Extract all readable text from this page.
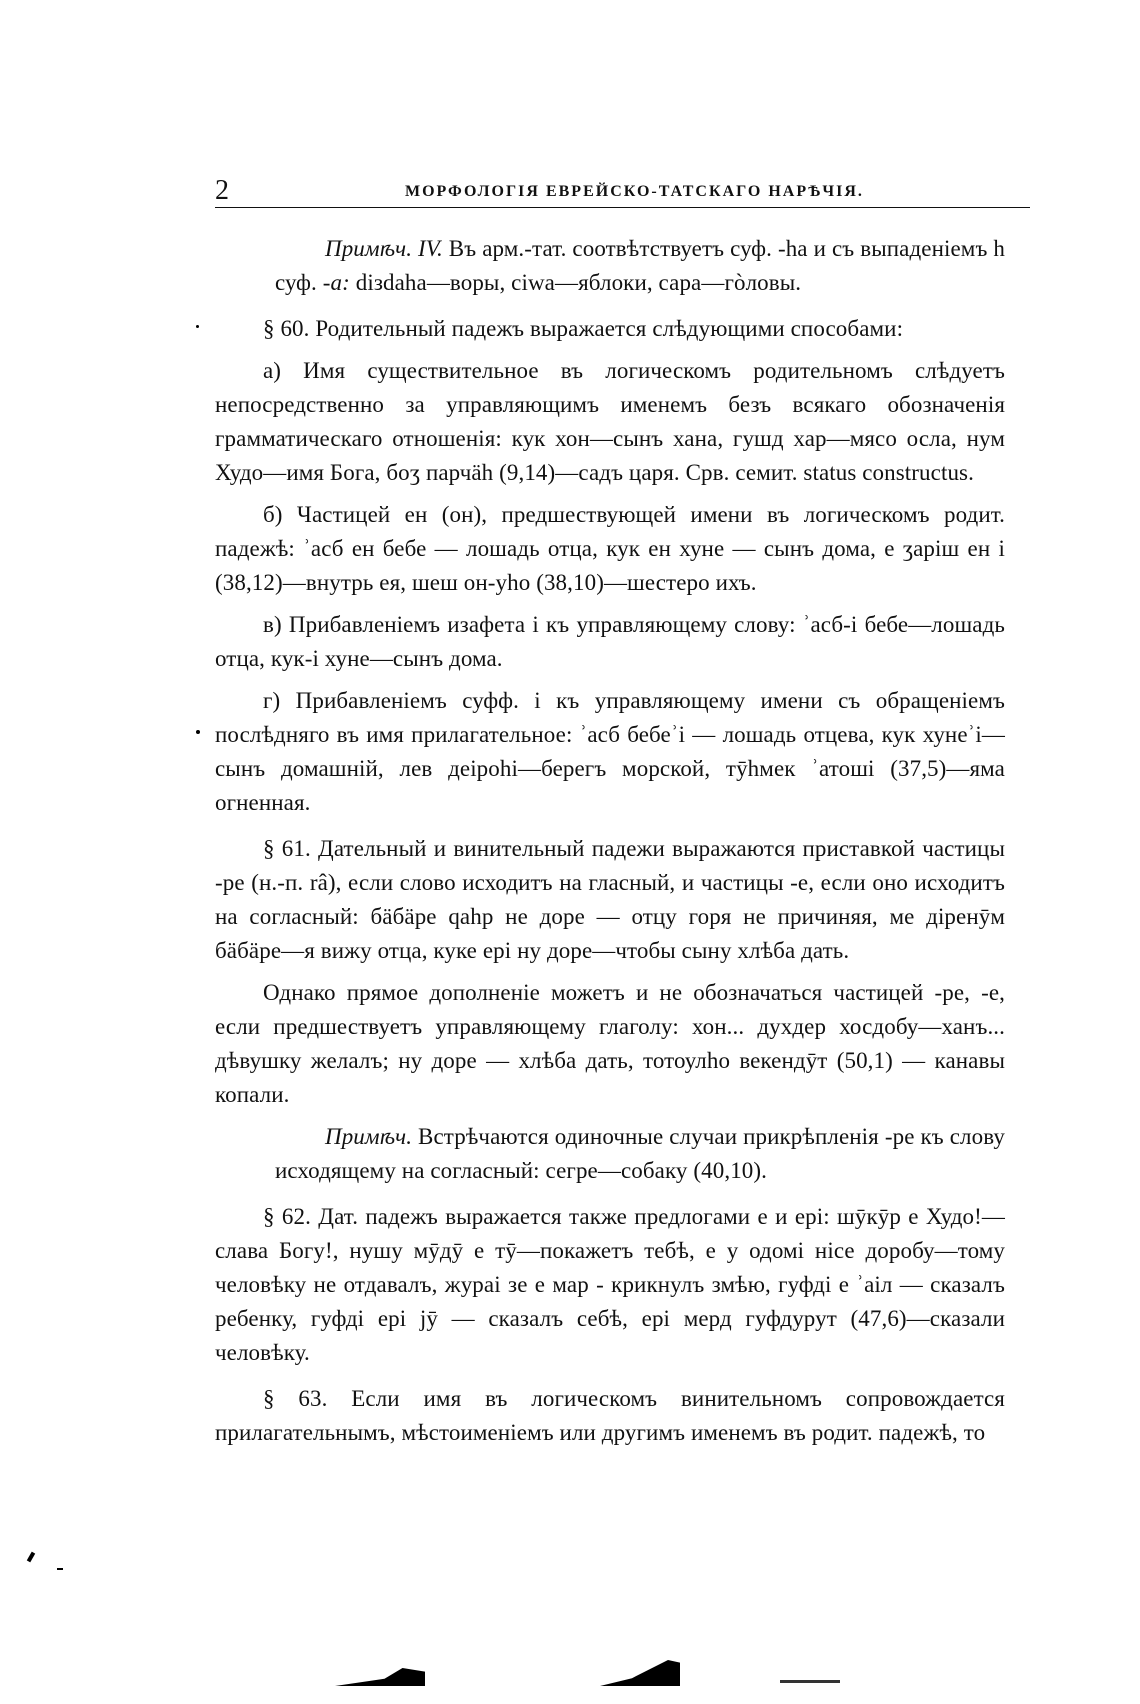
2	МОРФОЛОГІЯ ЕВРЕЙСКО-ТАТСКАГО НАРѢЧІЯ.

Примѣч. IV. Въ арм.-тат. соотвѣтствуетъ суф. -ha и съ выпаденіемъ h суф. -a: dізdahа—воры, сіwа—яблоки, сара—гòловы.

§ 60. Родительный падежъ выражается слѣдующими способами:

а) Имя существительное въ логическомъ родительномъ слѣдуетъ непосредственно за управляющимъ именемъ безъ всякаго обозначенія грамматическаго отношенія: кук хон—сынъ хана, гушд хар—мясо осла, нум Худо—имя Бога, боʒ парчäh (9,14)—садъ царя. Срв. семит. status constructus.

б) Частицей ен (он), предшествующей имени въ логическомъ родит. падежѣ: ʾасб ен бебе — лошадь отца, кук ен хуне — сынъ дома, е ʒаріш ен і (38,12)—внутрь ея, шеш он-уho (38,10)—шестеро ихъ.

в) Прибавленіемъ изафета і къ управляющему слову: ʾасб-і бебе—лошадь отца, кук-і хуне—сынъ дома.

г) Прибавленіемъ суфф. і къ управляющему имени съ обращеніемъ послѣдняго въ имя прилагательное: ʾасб бебеʾі — лошадь отцева, кук хунеʾі—сынъ домашній, лев деіроhі—берегъ морской, тӯhмек ʾатошi (37,5)—яма огненная.

§ 61. Дательный и винительный падежи выражаются приставкой частицы -ре (н.-п. râ), если слово исходитъ на гласный, и частицы -е, если оно исходитъ на согласный: бäбäре qahр не доре — отцу горя не причиняя, ме діренӯм бäбäре—я вижу отца, куке ері ну доре—чтобы сыну хлѣба дать.

Однако прямое дополненіе можетъ и не обозначаться частицей -ре, -е, если предшествуетъ управляющему глаголу: хон... духдер хосдобу—ханъ... дѣвушку желалъ; ну доре — хлѣба дать, тотоулhо векендӯт (50,1) — канавы копали.

Примѣч. Встрѣчаются одиночные случаи прикрѣпленія -ре къ слову исходящему на согласный: сегре—собаку (40,10).

§ 62. Дат. падежъ выражается также предлогами е и ері: шӯкӯр е Худо!—слава Богу!, нушу мӯдӯ е тӯ—покажетъ тебѣ, е у одомі нісе доробу—тому человѣку не отдавалъ, жураі зе е мар - крикнулъ змѣю, гуфді е ʾаіл — сказалъ ребенку, гуфді ері jӯ — сказалъ себѣ, ері мерд гуфдурут (47,6)—сказали человѣку.

§ 63. Если имя въ логическомъ винительномъ сопровождается прилагательнымъ, мѣстоименіемъ или другимъ именемъ въ родит. падежѣ, то
